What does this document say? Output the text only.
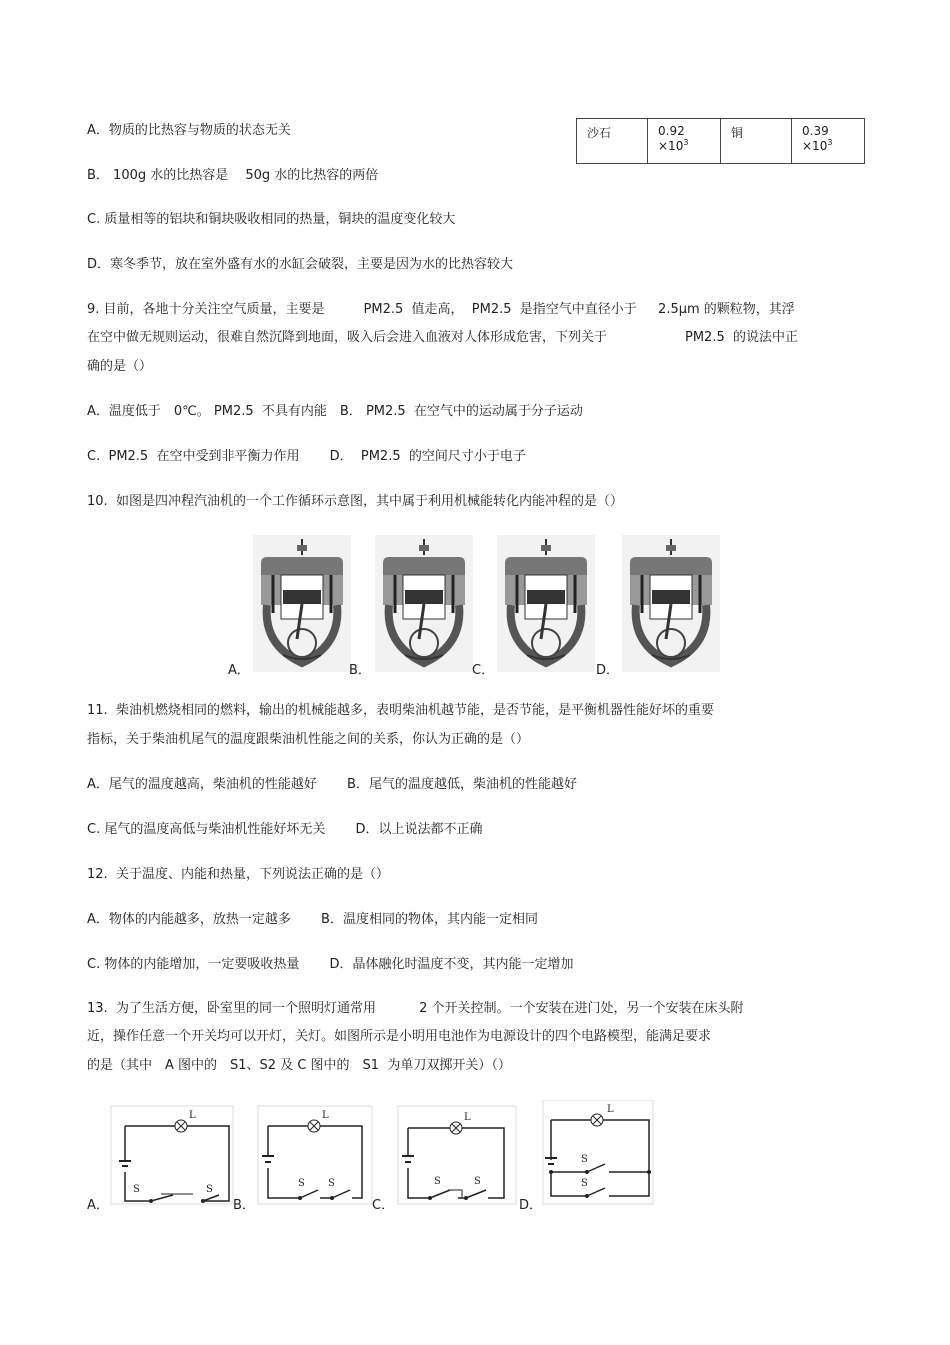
沙石	$0.92 \times 10^3$	铜	$0.39 \times 10^3$
A．物质的比热容与物质的状态无关
B． 100g 水的比热容是　 50g 水的比热容的两倍
C. 质量相等的铝块和铜块吸收相同的热量，铜块的温度变化较大
D．寒冬季节，放在室外盛有水的水缸会破裂，主要是因为水的比热容较大
9. 目前，各地十分关注空气质量，主要是　　　PM2.5  值走高，  PM2.5  是指空气中直径小于　  2.5μm 的颗粒物，其浮
在空中做无规则运动，很难自然沉降到地面，吸入后会进入血液对人体形成危害，下列关于　　　　　　PM2.5  的说法中正
确的是（）
A．温度低于　0℃。 PM2.5  不具有内能　B． PM2.5  在空气中的运动属于分子运动
C.  PM2.5  在空中受到非平衡力作用　　 D．  PM2.5  的空间尺寸小于电子
10.  如图是四冲程汽油机的一个工作循环示意图，其中属于利用机械能转化内能冲程的是（）
A．	B．	C．	D．
11.  柴油机燃烧相同的燃料，输出的机械能越多，表明柴油机越节能，是否节能，是平衡机器性能好坏的重要
指标，关于柴油机尾气的温度跟柴油机性能之间的关系，你认为正确的是（）
A．尾气的温度越高，柴油机的性能越好　　 B．尾气的温度越低，柴油机的性能越好
C. 尾气的温度高低与柴油机性能好坏无关　　 D．以上说法都不正确
12.  关于温度、内能和热量，下列说法正确的是（）
A．物体的内能越多，放热一定越多　　 B．温度相同的物体，其内能一定相同
C. 物体的内能增加，一定要吸收热量　　 D．晶体融化时温度不变，其内能一定增加
13.  为了生活方便，卧室里的同一个照明灯通常用　　　 2 个开关控制。一个安装在进门处，另一个安装在床头附
近，操作任意一个开关均可以开灯，关灯。如图所示是小明用电池作为电源设计的四个电路模型，能满足要求
的是（其中　A 图中的　S1、S2 及 C 图中的　S1  为单刀双掷开关）（）
L
S	S
L
S S
L
S	S
L
S
S
A．	B．	C．	D．
